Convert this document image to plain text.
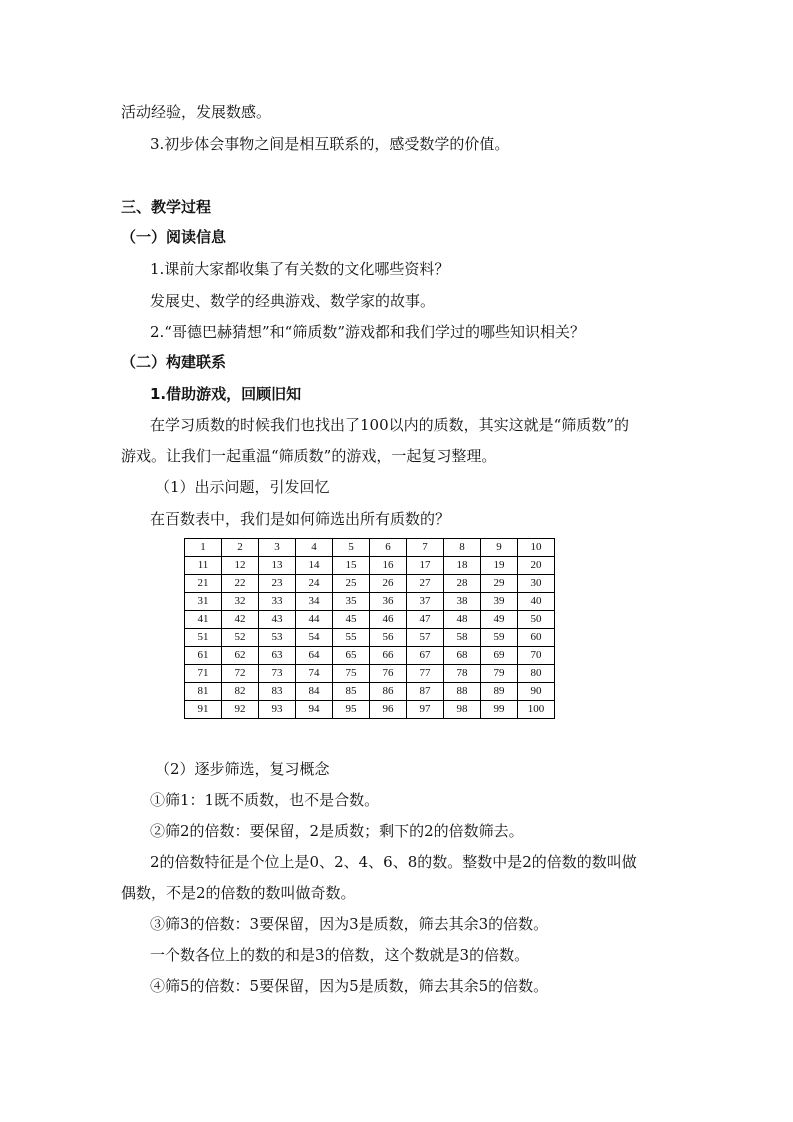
活动经验，发展数感。
3.初步体会事物之间是相互联系的，感受数学的价值。
三、教学过程
（一）阅读信息
1.课前大家都收集了有关数的文化哪些资料？
发展史、数学的经典游戏、数学家的故事。
2.“哥德巴赫猜想”和“筛质数”游戏都和我们学过的哪些知识相关？
（二）构建联系
1.借助游戏，回顾旧知
在学习质数的时候我们也找出了100以内的质数，其实这就是“筛质数”的
游戏。让我们一起重温“筛质数”的游戏，一起复习整理。
（1）出示问题，引发回忆
在百数表中，我们是如何筛选出所有质数的？
1	2	3	4	5	6	7	8	9	10
11	12	13	14	15	16	17	18	19	20
21	22	23	24	25	26	27	28	29	30
31	32	33	34	35	36	37	38	39	40
41	42	43	44	45	46	47	48	49	50
51	52	53	54	55	56	57	58	59	60
61	62	63	64	65	66	67	68	69	70
71	72	73	74	75	76	77	78	79	80
81	82	83	84	85	86	87	88	89	90
91	92	93	94	95	96	97	98	99	100
（2）逐步筛选，复习概念
①筛1：1既不质数，也不是合数。
②筛2的倍数：要保留，2是质数；剩下的2的倍数筛去。
2的倍数特征是个位上是0、2、4、6、8的数。整数中是2的倍数的数叫做
偶数，不是2的倍数的数叫做奇数。
③筛3的倍数：3要保留，因为3是质数，筛去其余3的倍数。
一个数各位上的数的和是3的倍数，这个数就是3的倍数。
④筛5的倍数：5要保留，因为5是质数，筛去其余5的倍数。
